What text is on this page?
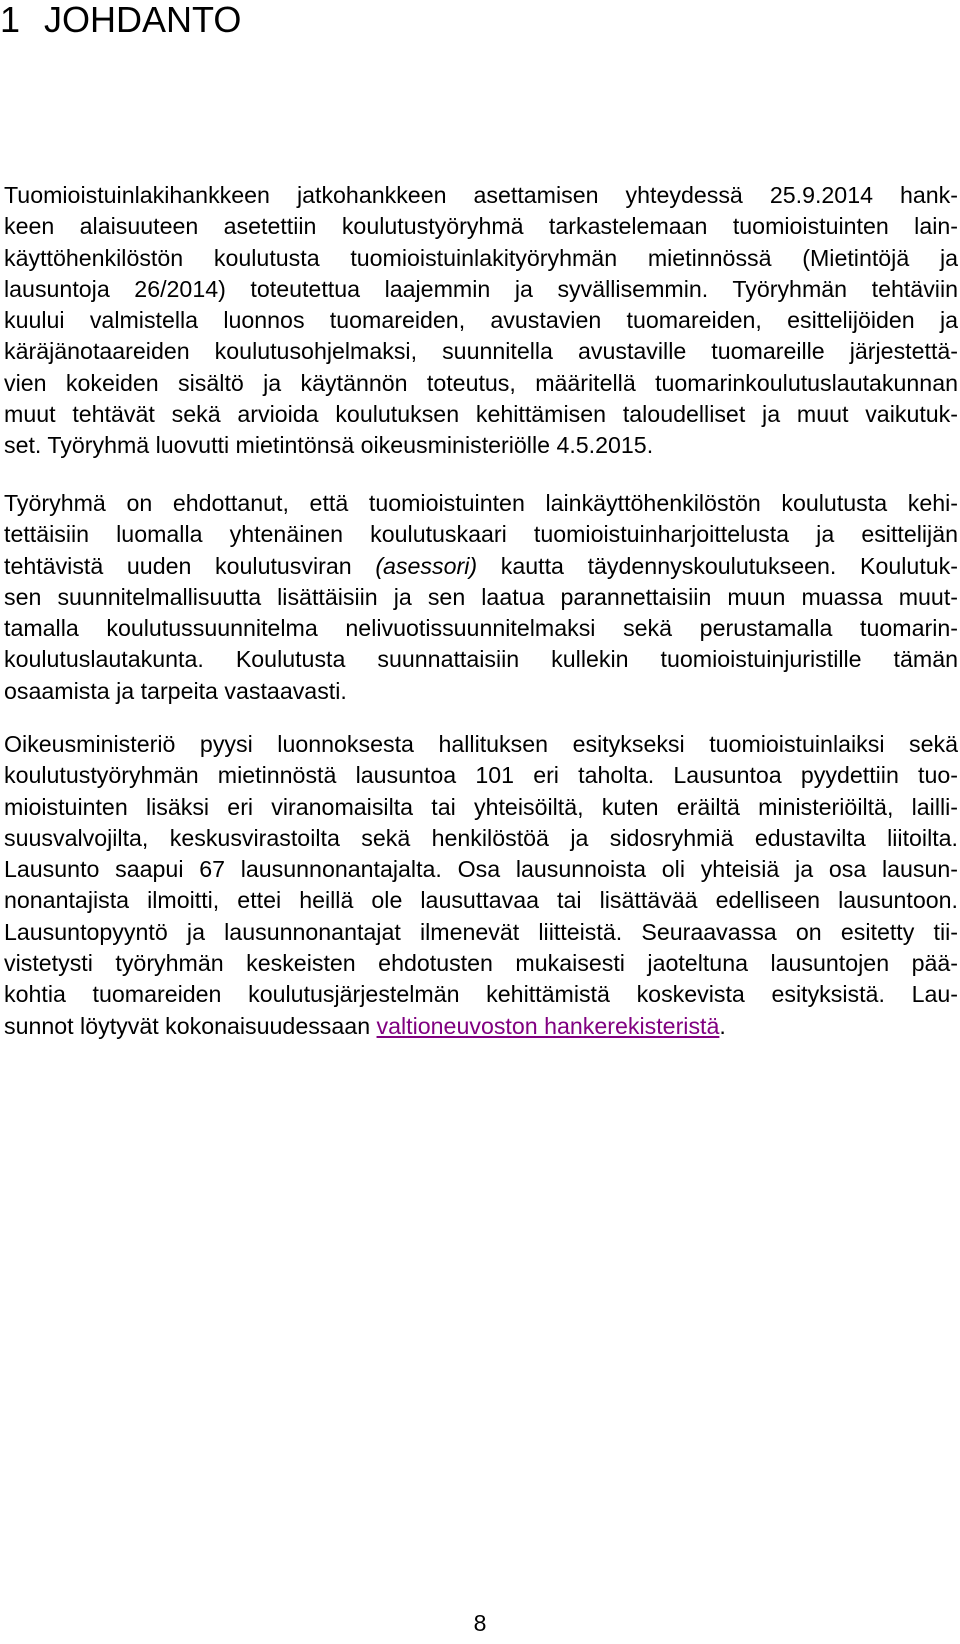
1 JOHDANTO
Tuomioistuinlakihankkeen jatkohankkeen asettamisen yhteydessä 25.9.2014 hank-
keen alaisuuteen asetettiin koulutustyöryhmä tarkastelemaan tuomioistuinten lain-
käyttöhenkilöstön koulutusta tuomioistuinlakityöryhmän mietinnössä (Mietintöjä ja
lausuntoja 26/2014) toteutettua laajemmin ja syvällisemmin. Työryhmän tehtäviin
kuului valmistella luonnos tuomareiden, avustavien tuomareiden, esittelijöiden ja
käräjänotaareiden koulutusohjelmaksi, suunnitella avustaville tuomareille järjestettä-
vien kokeiden sisältö ja käytännön toteutus, määritellä tuomarinkoulutuslautakunnan
muut tehtävät sekä arvioida koulutuksen kehittämisen taloudelliset ja muut vaikutuk-
set. Työryhmä luovutti mietintönsä oikeusministeriölle 4.5.2015.
Työryhmä on ehdottanut, että tuomioistuinten lainkäyttöhenkilöstön koulutusta kehi-
tettäisiin luomalla yhtenäinen koulutuskaari tuomioistuinharjoittelusta ja esittelijän
tehtävistä uuden koulutusviran (asessori) kautta täydennyskoulutukseen. Koulutuk-
sen suunnitelmallisuutta lisättäisiin ja sen laatua parannettaisiin muun muassa muut-
tamalla koulutussuunnitelma nelivuotissuunnitelmaksi sekä perustamalla tuomarin-
koulutuslautakunta. Koulutusta suunnattaisiin kullekin tuomioistuinjuristille tämän
osaamista ja tarpeita vastaavasti.
Oikeusministeriö pyysi luonnoksesta hallituksen esitykseksi tuomioistuinlaiksi sekä
koulutustyöryhmän mietinnöstä lausuntoa 101 eri taholta. Lausuntoa pyydettiin tuo-
mioistuinten lisäksi eri viranomaisilta tai yhteisöiltä, kuten eräiltä ministeriöiltä, lailli-
suusvalvojilta, keskusvirastoilta sekä henkilöstöä ja sidosryhmiä edustavilta liitoilta.
Lausunto saapui 67 lausunnonantajalta. Osa lausunnoista oli yhteisiä ja osa lausun-
nonantajista ilmoitti, ettei heillä ole lausuttavaa tai lisättävää edelliseen lausuntoon.
Lausuntopyyntö ja lausunnonantajat ilmenevät liitteistä. Seuraavassa on esitetty tii-
vistetysti työryhmän keskeisten ehdotusten mukaisesti jaoteltuna lausuntojen pää-
kohtia tuomareiden koulutusjärjestelmän kehittämistä koskevista esityksistä. Lau-
sunnot löytyvät kokonaisuudessaan valtioneuvoston hankerekisteristä.
8
